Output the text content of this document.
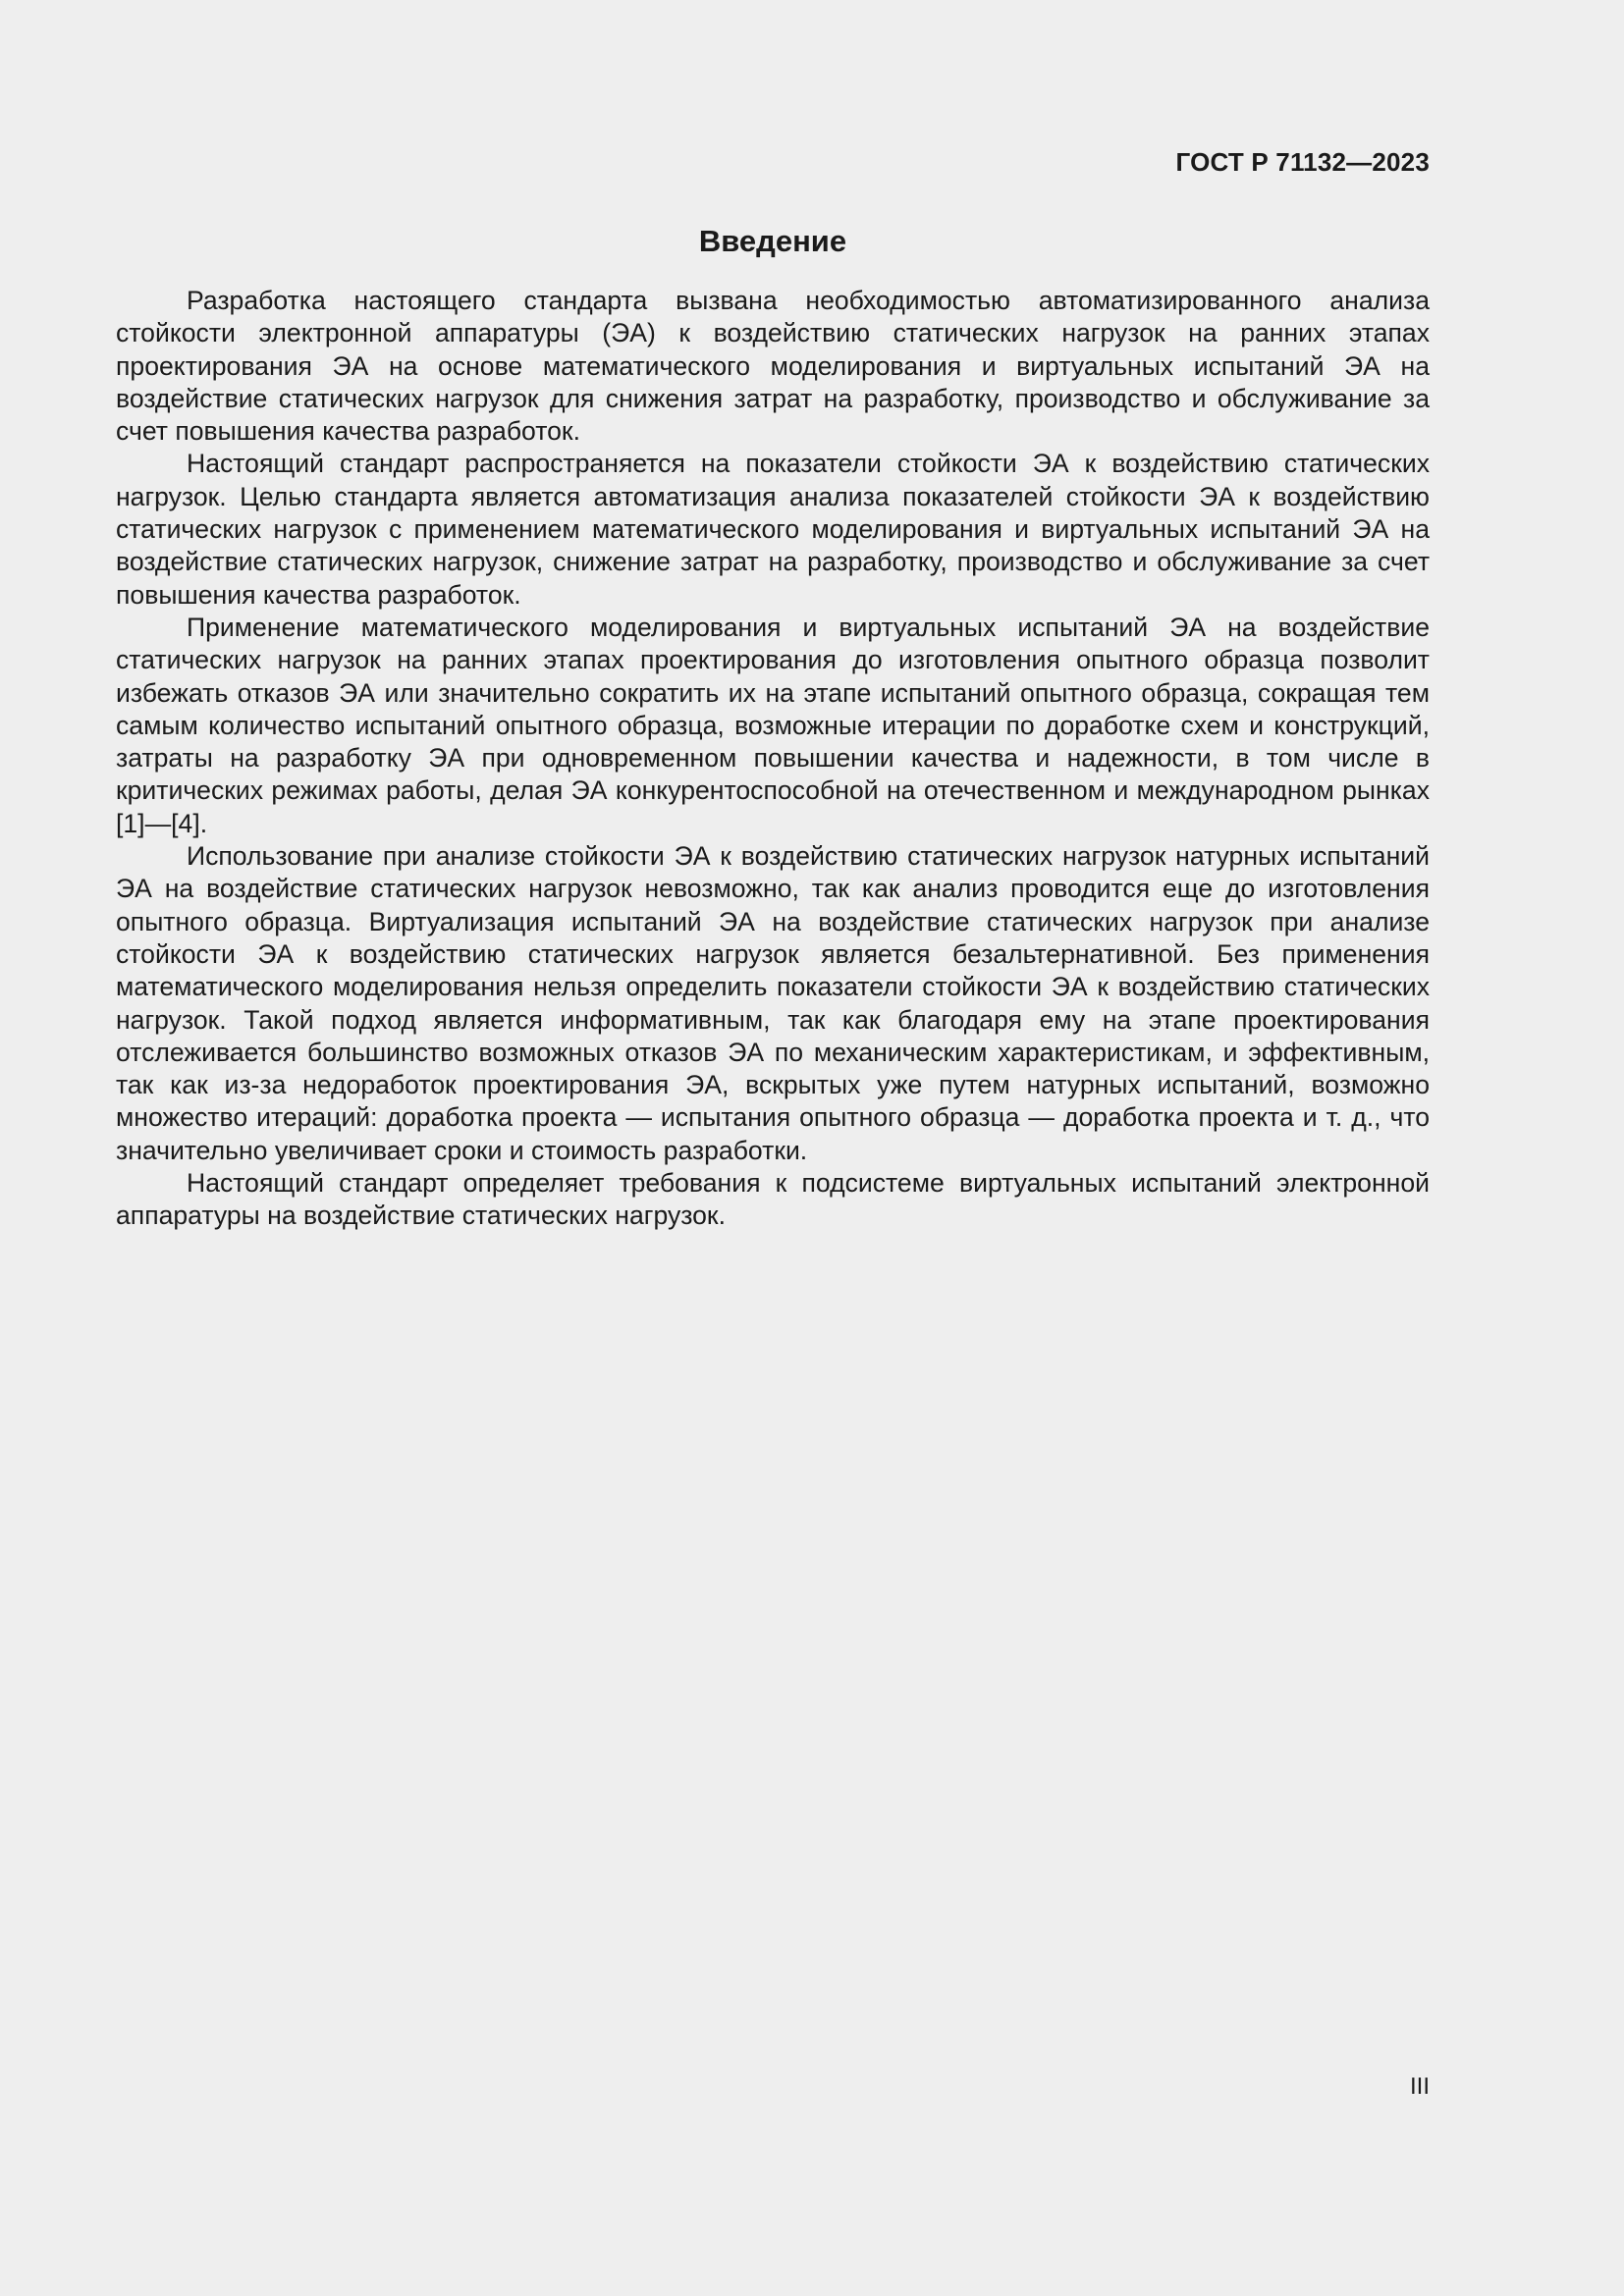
ГОСТ Р 71132—2023
Введение

Разработка настоящего стандарта вызвана необходимостью автоматизированного анализа стойкости электронной аппаратуры (ЭА) к воздействию статических нагрузок на ранних этапах проектирования ЭА на основе математического моделирования и виртуальных испытаний ЭА на воздействие статических нагрузок для снижения затрат на разработку, производство и обслуживание за счет повышения качества разработок.

Настоящий стандарт распространяется на показатели стойкости ЭА к воздействию статических нагрузок. Целью стандарта является автоматизация анализа показателей стойкости ЭА к воздействию статических нагрузок с применением математического моделирования и виртуальных испытаний ЭА на воздействие статических нагрузок, снижение затрат на разработку, производство и обслуживание за счет повышения качества разработок.

Применение математического моделирования и виртуальных испытаний ЭА на воздействие статических нагрузок на ранних этапах проектирования до изготовления опытного образца позволит избежать отказов ЭА или значительно сократить их на этапе испытаний опытного образца, сокращая тем самым количество испытаний опытного образца, возможные итерации по доработке схем и конструкций, затраты на разработку ЭА при одновременном повышении качества и надежности, в том числе в критических режимах работы, делая ЭА конкурентоспособной на отечественном и международном рынках [1]—[4].

Использование при анализе стойкости ЭА к воздействию статических нагрузок натурных испытаний ЭА на воздействие статических нагрузок невозможно, так как анализ проводится еще до изготовления опытного образца. Виртуализация испытаний ЭА на воздействие статических нагрузок при анализе стойкости ЭА к воздействию статических нагрузок является безальтернативной. Без применения математического моделирования нельзя определить показатели стойкости ЭА к воздействию статических нагрузок. Такой подход является информативным, так как благодаря ему на этапе проектирования отслеживается большинство возможных отказов ЭА по механическим характеристикам, и эффективным, так как из-за недоработок проектирования ЭА, вскрытых уже путем натурных испытаний, возможно множество итераций: доработка проекта — испытания опытного образца — доработка проекта и т. д., что значительно увеличивает сроки и стоимость разработки.

Настоящий стандарт определяет требования к подсистеме виртуальных испытаний электронной аппаратуры на воздействие статических нагрузок.

III
